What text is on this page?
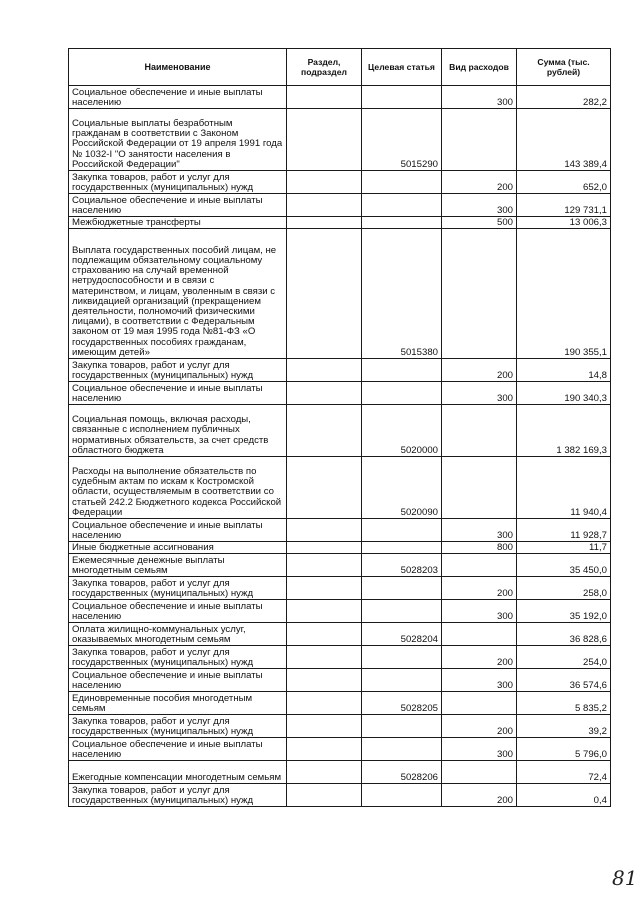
Наименование	Раздел, подраздел	Целевая статья	Вид расходов	Сумма (тыс. рублей)
Социальное обеспечение и иные выплаты населению			300	282,2
Социальные выплаты безработным гражданам в соответствии с Законом Российской Федерации от 19 апреля 1991 года № 1032-I "О занятости населения в Российской Федерации"		5015290		143 389,4
Закупка товаров, работ и услуг для государственных (муниципальных) нужд			200	652,0
Социальное обеспечение и иные выплаты населению			300	129 731,1
Межбюджетные трансферты			500	13 006,3
Выплата государственных пособий лицам, не подлежащим обязательному социальному страхованию на случай временной нетрудоспособности и в связи с материнством, и лицам, уволенным в связи с ликвидацией организаций (прекращением деятельности, полномочий физическими лицами), в соответствии с Федеральным законом от 19 мая 1995 года №81-ФЗ «О государственных пособиях гражданам, имеющим детей»		5015380		190 355,1
Закупка товаров, работ и услуг для государственных (муниципальных) нужд			200	14,8
Социальное обеспечение и иные выплаты населению			300	190 340,3
Социальная помощь, включая расходы, связанные с исполнением публичных нормативных обязательств, за счет средств областного бюджета		5020000		1 382 169,3
Расходы на выполнение обязательств по судебным актам по искам к Костромской области, осуществляемым в соответствии со статьей 242.2 Бюджетного кодекса Российской Федерации		5020090		11 940,4
Социальное обеспечение и иные выплаты населению			300	11 928,7
Иные бюджетные ассигнования			800	11,7
Ежемесячные денежные выплаты многодетным семьям		5028203		35 450,0
Закупка товаров, работ и услуг для государственных (муниципальных) нужд			200	258,0
Социальное обеспечение и иные выплаты населению			300	35 192,0
Оплата жилищно-коммунальных услуг, оказываемых многодетным семьям		5028204		36 828,6
Закупка товаров, работ и услуг для государственных (муниципальных) нужд			200	254,0
Социальное обеспечение и иные выплаты населению			300	36 574,6
Единовременные пособия многодетным семьям		5028205		5 835,2
Закупка товаров, работ и услуг для государственных (муниципальных) нужд			200	39,2
Социальное обеспечение и иные выплаты населению			300	5 796,0
Ежегодные компенсации многодетным семьям		5028206		72,4
Закупка товаров, работ и услуг для государственных (муниципальных) нужд			200	0,4
81
